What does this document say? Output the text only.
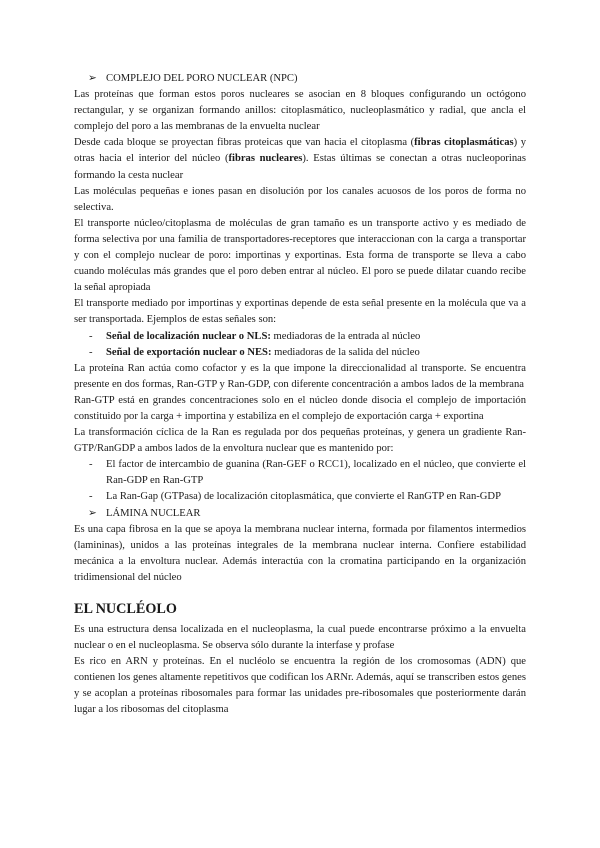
➢ COMPLEJO DEL PORO NUCLEAR (NPC)

Las proteínas que forman estos poros nucleares se asocian en 8 bloques configurando un octógono rectangular, y se organizan formando anillos: citoplasmático, nucleoplasmático y radial, que ancla el complejo del poro a las membranas de la envuelta nuclear

Desde cada bloque se proyectan fibras proteicas que van hacia el citoplasma (fibras citoplasmáticas) y otras hacia el interior del núcleo (fibras nucleares). Estas últimas se conectan a otras nucleoporinas formando la cesta nuclear

Las moléculas pequeñas e iones pasan en disolución por los canales acuosos de los poros de forma no selectiva.

El transporte núcleo/citoplasma de moléculas de gran tamaño es un transporte activo y es mediado de forma selectiva por una familia de transportadores-receptores que interaccionan con la carga a transportar y con el complejo nuclear de poro: importinas y exportinas. Esta forma de transporte se lleva a cabo cuando moléculas más grandes que el poro deben entrar al núcleo. El poro se puede dilatar cuando recibe la señal apropiada

El transporte mediado por importinas y exportinas depende de esta señal presente en la molécula que va a ser transportada. Ejemplos de estas señales son:

- Señal de localización nuclear o NLS: mediadoras de la entrada al núcleo
- Señal de exportación nuclear o NES: mediadoras de la salida del núcleo

La proteína Ran actúa como cofactor y es la que impone la direccionalidad al transporte. Se encuentra presente en dos formas, Ran-GTP y Ran-GDP, con diferente concentración a ambos lados de la membrana

Ran-GTP está en grandes concentraciones solo en el núcleo donde disocia el complejo de importación constituido por la carga + importina y estabiliza en el complejo de exportación carga + exportina

La transformación cíclica de la Ran es regulada por dos pequeñas proteínas, y genera un gradiente Ran-GTP/RanGDP a ambos lados de la envoltura nuclear que es mantenido por:

- El factor de intercambio de guanina (Ran-GEF o RCC1), localizado en el núcleo, que convierte el Ran-GDP en Ran-GTP
- La Ran-Gap (GTPasa) de localización citoplasmática, que convierte el RanGTP en Ran-GDP

➢ LÁMINA NUCLEAR

Es una capa fibrosa en la que se apoya la membrana nuclear interna, formada por filamentos intermedios (lamininas), unidos a las proteínas integrales de la membrana nuclear interna. Confiere estabilidad mecánica a la envoltura nuclear. Además interactúa con la cromatina participando en la organización tridimensional del núcleo

EL NUCLÉOLO

Es una estructura densa localizada en el nucleoplasma, la cual puede encontrarse próximo a la envuelta nuclear o en el nucleoplasma. Se observa sólo durante la interfase y profase

Es rico en ARN y proteínas. En el nucléolo se encuentra la región de los cromosomas (ADN) que contienen los genes altamente repetitivos que codifican los ARNr. Además, aquí se transcriben estos genes y se acoplan a proteínas ribosomales para formar las unidades pre-ribosomales que posteriormente darán lugar a los ribosomas del citoplasma
